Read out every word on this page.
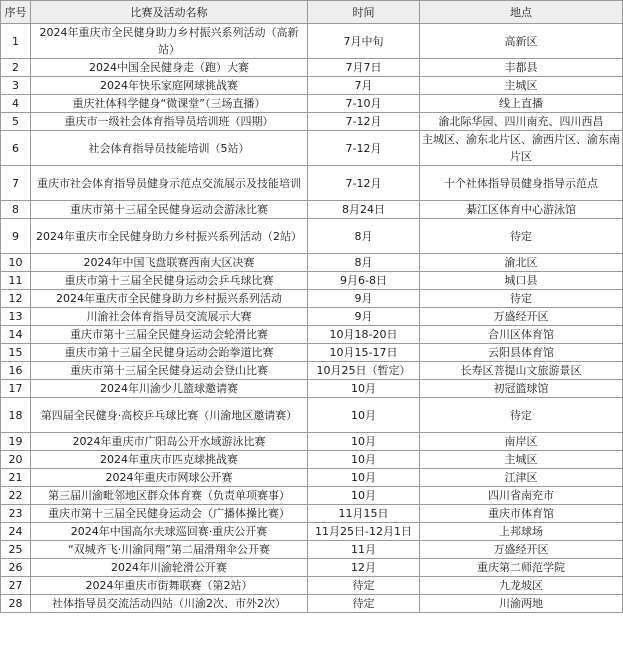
序号	比赛及活动名称	时间	地点
1	2024年重庆市全民健身助力乡村振兴系列活动（高新站）	7月中旬	高新区
2	2024中国全民健身走（跑）大赛	7月7日	丰都县
3	2024年快乐家庭网球挑战赛	7月	主城区
4	重庆社体科学健身“微课堂”（三场直播）	7-10月	线上直播
5	重庆市一级社会体育指导员培训班（四期）	7-12月	渝北际华园、四川南充、四川西昌
6	社会体育指导员技能培训（5站）	7-12月	主城区、渝东北片区、渝西片区、渝东南片区
7	重庆市社会体育指导员健身示范点交流展示及技能培训	7-12月	十个社体指导员健身指导示范点
8	重庆市第十三届全民健身运动会游泳比赛	8月24日	綦江区体育中心游泳馆
9	2024年重庆市全民健身助力乡村振兴系列活动（2站）	8月	待定
10	2024年中国飞盘联赛西南大区决赛	8月	渝北区
11	重庆市第十三届全民健身运动会乒乓球比赛	9月6-8日	城口县
12	2024年重庆市全民健身助力乡村振兴系列活动	9月	待定
13	川渝社会体育指导员交流展示大赛	9月	万盛经开区
14	重庆市第十三届全民健身运动会轮滑比赛	10月18-20日	合川区体育馆
15	重庆市第十三届全民健身运动会跆拳道比赛	10月15-17日	云阳县体育馆
16	重庆市第十三届全民健身运动会登山比赛	10月25日（暂定）	长寿区菩提山文旅游景区
17	2024年川渝少儿篮球邀请赛	10月	初冠篮球馆
18	第四届全民健身·高校乒乓球比赛（川渝地区邀请赛）	10月	待定
19	2024年重庆市广阳岛公开水域游泳比赛	10月	南岸区
20	2024年重庆市匹克球挑战赛	10月	主城区
21	2024年重庆市网球公开赛	10月	江津区
22	第三届川渝毗邻地区群众体育赛（负责单项赛事）	10月	四川省南充市
23	重庆市第十三届全民健身运动会（广播体操比赛）	11月15日	重庆市体育馆
24	2024年中国高尔夫球巡回赛·重庆公开赛	11月25日-12月1日	上邦球场
25	“双城齐飞·川渝同翔”第二届滑翔伞公开赛	11月	万盛经开区
26	2024年川渝轮滑公开赛	12月	重庆第二师范学院
27	2024年重庆市街舞联赛（第2站）	待定	九龙坡区
28	社体指导员交流活动四站（川渝2次、市外2次）	待定	川渝两地
